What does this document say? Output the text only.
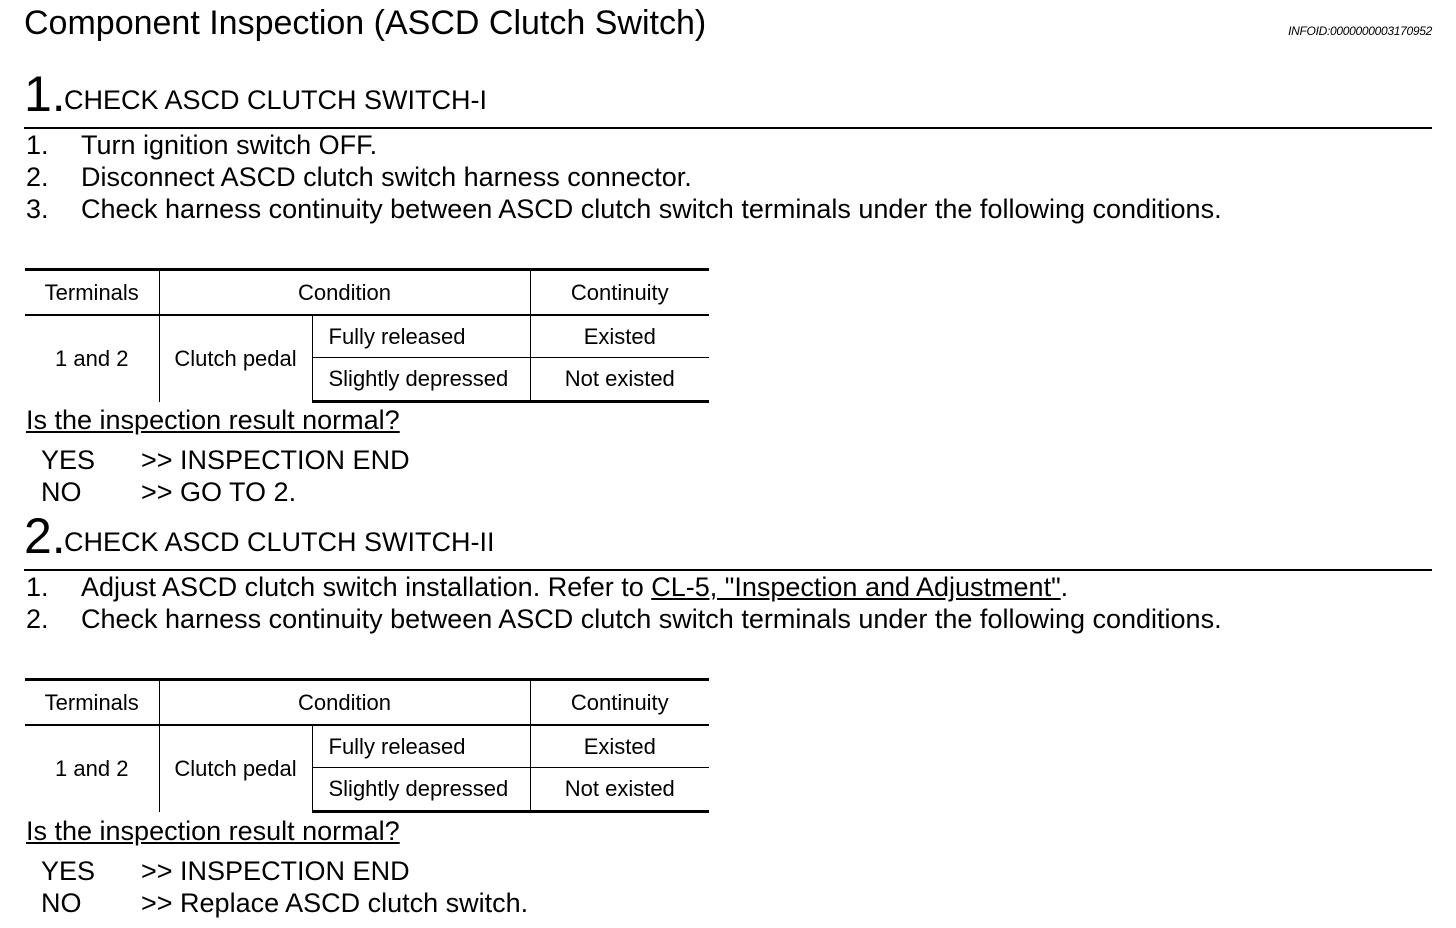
Component Inspection (ASCD Clutch Switch)	INFOID:0000000003170952
1.
CHECK ASCD CLUTCH SWITCH-I
1. Turn ignition switch OFF.
2. Disconnect ASCD clutch switch harness connector.
3. Check harness continuity between ASCD clutch switch terminals under the following conditions.
Terminals	Condition		Continuity
1 and 2	Clutch pedal	Fully released	Existed
		Slightly depressed	Not existed
Is the inspection result normal?
YES >> INSPECTION END
NO >> GO TO 2.
2.
CHECK ASCD CLUTCH SWITCH-II
1. Adjust ASCD clutch switch installation. Refer to CL-5, "Inspection and Adjustment".
2. Check harness continuity between ASCD clutch switch terminals under the following conditions.
Terminals	Condition		Continuity
1 and 2	Clutch pedal	Fully released	Existed
		Slightly depressed	Not existed
Is the inspection result normal?
YES >> INSPECTION END
NO >> Replace ASCD clutch switch.
